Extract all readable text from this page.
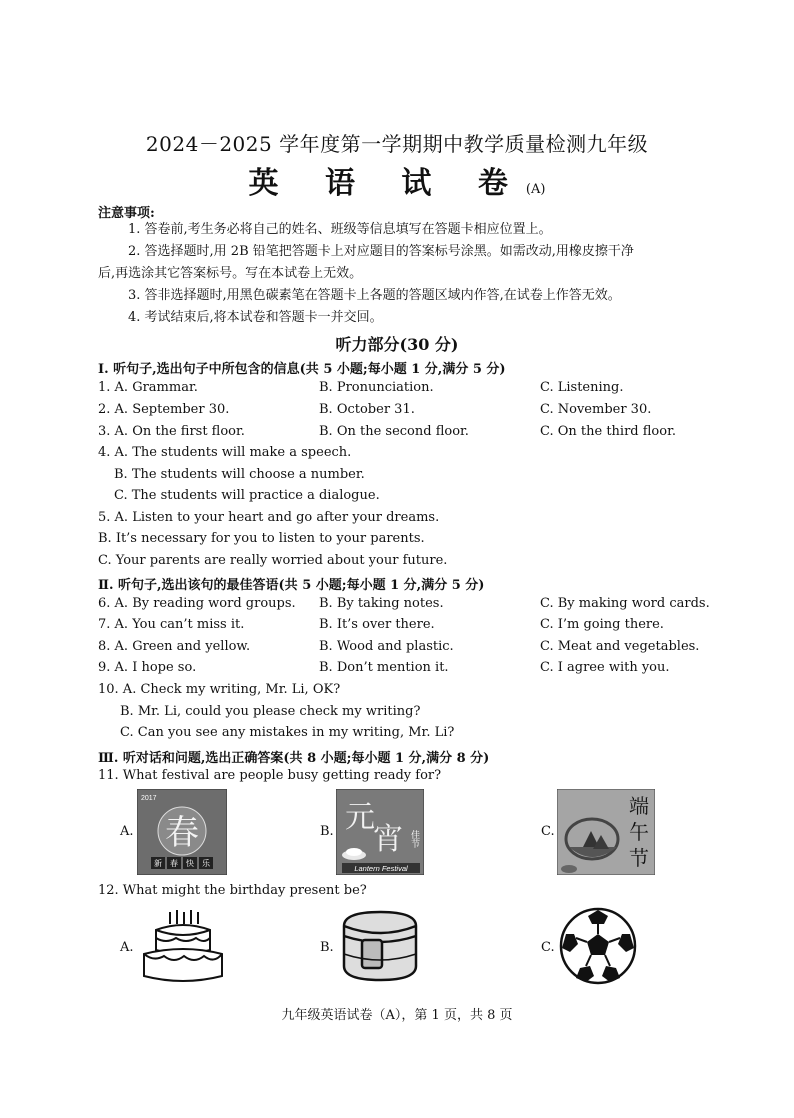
2024－2025 学年度第一学期期中教学质量检测九年级
英 语 试 卷(A)
注意事项:
1. 答卷前,考生务必将自己的姓名、班级等信息填写在答题卡相应位置上。
2. 答选择题时,用 2B 铅笔把答题卡上对应题目的答案标号涂黑。如需改动,用橡皮擦干净
后,再选涂其它答案标号。写在本试卷上无效。
3. 答非选择题时,用黑色碳素笔在答题卡上各题的答题区域内作答,在试卷上作答无效。
4. 考试结束后,将本试卷和答题卡一并交回。
听力部分(30 分)
Ⅰ. 听句子,选出句子中所包含的信息(共 5 小题;每小题 1 分,满分 5 分)
1. A. Grammar.	B. Pronunciation.	C. Listening.
2. A. September 30.	B. October 31.	C. November 30.
3. A. On the first floor.	B. On the second floor.	C. On the third floor.
4. A. The students will make a speech.
B. The students will choose a number.
C. The students will practice a dialogue.
5. A. Listen to your heart and go after your dreams.
B. It’s necessary for you to listen to your parents.
C. Your parents are really worried about your future.
Ⅱ. 听句子,选出该句的最佳答语(共 5 小题;每小题 1 分,满分 5 分)
6. A. By reading word groups. B. By taking notes.	C. By making word cards.
7. A. You can’t miss it.	B. It’s over there.	C. I’m going there.
8. A. Green and yellow.	B. Wood and plastic.	C. Meat and vegetables.
9. A. I hope so.	B. Don’t mention it.	C. I agree with you.
10. A. Check my writing, Mr. Li, OK?
B. Mr. Li, could you please check my writing?
C. Can you see any mistakes in my writing, Mr. Li?
Ⅲ. 听对话和问题,选出正确答案(共 8 小题;每小题 1 分,满分 8 分)
11. What festival are people busy getting ready for?
A.
2017
春
新 春 快 乐
B. 元
宵 佳节
Lantern Festival
C.
端
午
节
12. What might the birthday present be?
A.	B.	C.
九年级英语试卷（A），第 1 页，共 8 页
